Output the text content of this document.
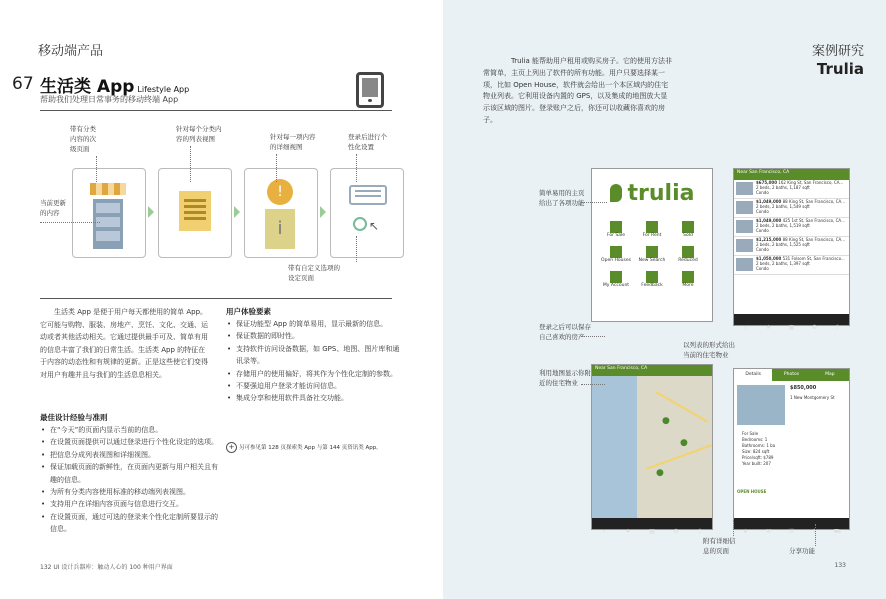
移动端产品
67 生活类 App Lifestyle App
帮助我们处理日常事务的移动终端 App
!
i	↖
带有分类
内容的次
级页面
当前更新
的内容
针对每个分类内
容的列表视图	针对每一项内容
的详细视图
登录后进行个
性化设置
带有自定义选项的
设定页面
生活类 App 是便于用户每天都使用的简单 App。它可能与购物、服装、房地产、烹饪、文化、交通、运动或者其他活动相关。它通过提供最手可及、简单有用的信息丰富了我们的日常生活。生活类 App 的特征在于内容的动态性和有规律的更新。正是这些使它们变得对用户有趣并且与我们的生活息息相关。
最佳设计经验与准则
• 在“今天”的页面内显示当前的信息。
• 在设置页面提供可以通过登录进行个性化设定的选项。
• 把信息分成列表视图和详细视图。
• 保证加载页面的新鲜性，在页面内更新与用户相关且有趣的信息。
• 为所有分类内容使用标准的移动端列表视图。
• 支持用户在详细内容页面与信息进行交互。
• 在设置页面，通过可选的登录来个性化定制所要显示的信息。
用户体验要素
• 保证功能型 App 的简单易用，显示最新的信息。
• 保证数据的即时性。
• 支持软件访问设备数据，如 GPS、地图、图片库和通讯录等。
• 存储用户的使用偏好，将其作为个性化定制的参数。
• 不要强迫用户登录才能访问信息。
• 集成分享和使用软件具备社交功能。
+ 另可参见第 128 页探索类 App 与第 144 页资讯类 App。
132 UI 设计兵器库：触动人心的 100 种用户界面
案例研究
Trulia
Trulia 能帮助用户租用或购买房子。它的使用方法非常简单，主页上列出了软件的所有功能。用户只要选择某一项，比如 Open House，软件就会给出一个本区域内的住宅物业列表。它利用设备内置的 GPS，以及集成的地图放大显示该区域的图片。登录账户之后，你还可以收藏你喜欢的房子。
trulia
For Sale	For Rent	Sold
Open Houses	New Search	Reduced
My Account	Feedback	More
Near San Francisco, CA
$675,000 162 King St, San Francisco, CA...
2 beds, 2 baths, 1,187 sqft
Condo
$1,049,000 88 King St, San Francisco, CA...
2 beds, 2 baths, 1,549 sqft
Condo
$1,049,000 425 1st St, San Francisco, CA...
2 beds, 2 baths, 1,519 sqft
Condo
$1,215,000 88 King St, San Francisco, CA...
2 beds, 2 baths, 1,525 sqft
Condo
$1,050,000 531 Folsom St, San Francisco...
2 beds, 2 baths, 1,397 sqft
Condo
⌕	★	▦	⚙	⇪
Near San Francisco, CA
●
●
●
⌕	★	▦	⚙	⇪
Details	Photos	Map
$850,000
1 New Montgomery St
For Sale
Bedrooms: 1
Bathrooms: 1 ba
Size: 824 sqft
Price/sqft: $789
Year built: 207
OPEN HOUSE
★	✉	☏	⇪	⛟
简单易用的主页
给出了各项功能
登录之后可以保存
自己喜欢的房产
以列表的形式给出
当前的住宅物业
利用地图显示你附
近的住宅物业
附有详细信
息的页面	分享功能
133
